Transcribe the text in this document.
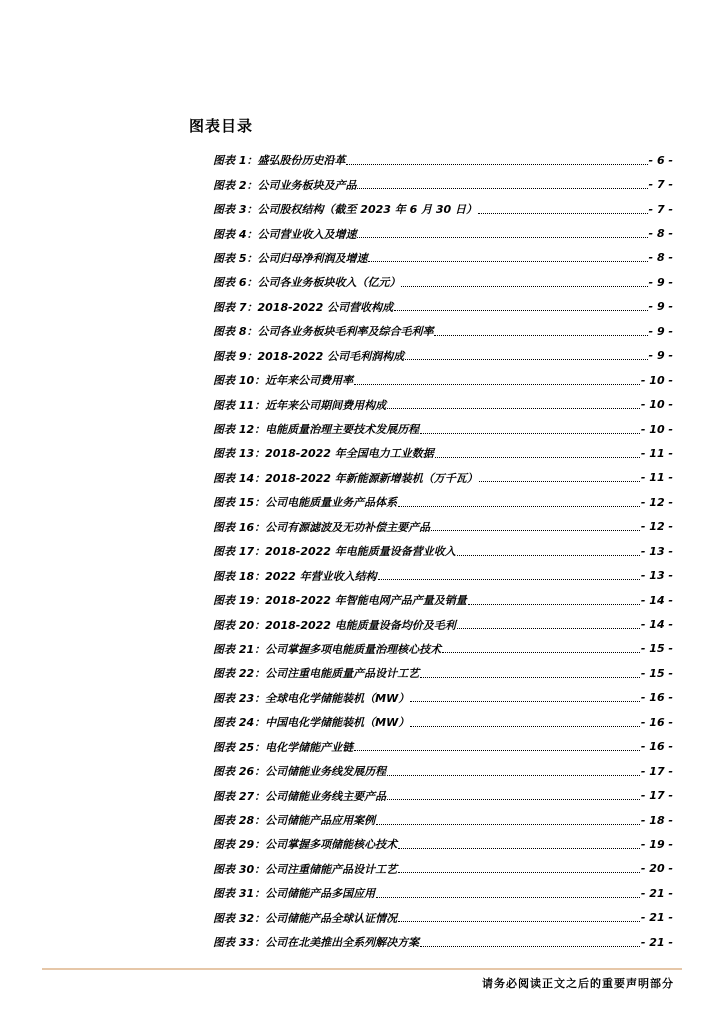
图表目录
图表 1：盛弘股份历史沿革	- 6 -
图表 2：公司业务板块及产品	- 7 -
图表 3：公司股权结构（截至 2023 年 6 月 30 日）	- 7 -
图表 4：公司营业收入及增速	- 8 -
图表 5：公司归母净利润及增速	- 8 -
图表 6：公司各业务板块收入（亿元）	- 9 -
图表 7：2018-2022 公司营收构成	- 9 -
图表 8：公司各业务板块毛利率及综合毛利率	- 9 -
图表 9：2018-2022 公司毛利润构成	- 9 -
图表 10：近年来公司费用率	- 10 -
图表 11：近年来公司期间费用构成	- 10 -
图表 12：电能质量治理主要技术发展历程	- 10 -
图表 13：2018-2022 年全国电力工业数据	- 11 -
图表 14：2018-2022 年新能源新增装机（万千瓦）	- 11 -
图表 15：公司电能质量业务产品体系	- 12 -
图表 16：公司有源滤波及无功补偿主要产品	- 12 -
图表 17：2018-2022 年电能质量设备营业收入	- 13 -
图表 18：2022 年营业收入结构	- 13 -
图表 19：2018-2022 年智能电网产品产量及销量	- 14 -
图表 20：2018-2022 电能质量设备均价及毛利	- 14 -
图表 21：公司掌握多项电能质量治理核心技术	- 15 -
图表 22：公司注重电能质量产品设计工艺	- 15 -
图表 23：全球电化学储能装机（MW）	- 16 -
图表 24：中国电化学储能装机（MW）	- 16 -
图表 25：电化学储能产业链	- 16 -
图表 26：公司储能业务线发展历程	- 17 -
图表 27：公司储能业务线主要产品	- 17 -
图表 28：公司储能产品应用案例	- 18 -
图表 29：公司掌握多项储能核心技术	- 19 -
图表 30：公司注重储能产品设计工艺	- 20 -
图表 31：公司储能产品多国应用	- 21 -
图表 32：公司储能产品全球认证情况	- 21 -
图表 33：公司在北美推出全系列解决方案	- 21 -
请务必阅读正文之后的重要声明部分
